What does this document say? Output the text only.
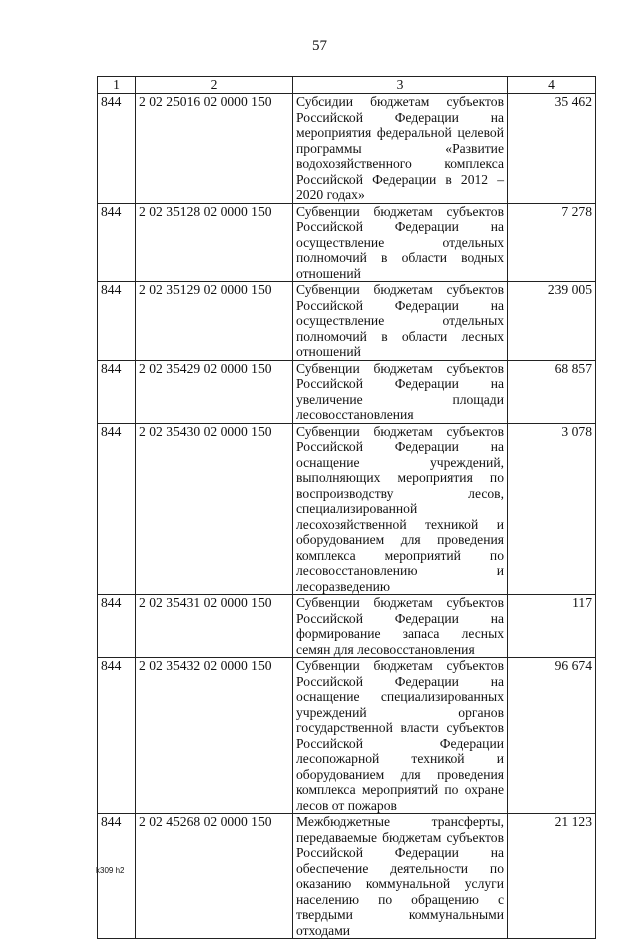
57
1	2	3	4
844	2 02 25016 02 0000 150	Субсидии бюджетам субъектов Российской Федерации на мероприятия федеральной целевой программы «Развитие водохозяйственного комплекса Российской Федерации в 2012 – 2020 годах»	35 462
844	2 02 35128 02 0000 150	Субвенции бюджетам субъектов Российской Федерации на осуществление отдельных полномочий в области водных отношений	7 278
844	2 02 35129 02 0000 150	Субвенции бюджетам субъектов Российской Федерации на осуществление отдельных полномочий в области лесных отношений	239 005
844	2 02 35429 02 0000 150	Субвенции бюджетам субъектов Российской Федерации на увеличение площади лесовосстановления	68 857
844	2 02 35430 02 0000 150	Субвенции бюджетам субъектов Российской Федерации на оснащение учреждений, выполняющих мероприятия по воспроизводству лесов, специализированной лесохозяйственной техникой и оборудованием для проведения комплекса мероприятий по лесовосстановлению и лесоразведению	3 078
844	2 02 35431 02 0000 150	Субвенции бюджетам субъектов Российской Федерации на формирование запаса лесных семян для лесовосстановления	117
844	2 02 35432 02 0000 150	Субвенции бюджетам субъектов Российской Федерации на оснащение специализированных учреждений органов государственной власти субъектов Российской Федерации лесопожарной техникой и оборудованием для проведения комплекса мероприятий по охране лесов от пожаров	96 674
844	2 02 45268 02 0000 150	Межбюджетные трансферты, передаваемые бюджетам субъектов Российской Федерации на обеспечение деятельности по оказанию коммунальной услуги населению по обращению с твердыми коммунальными отходами	21 123
k309 h2
